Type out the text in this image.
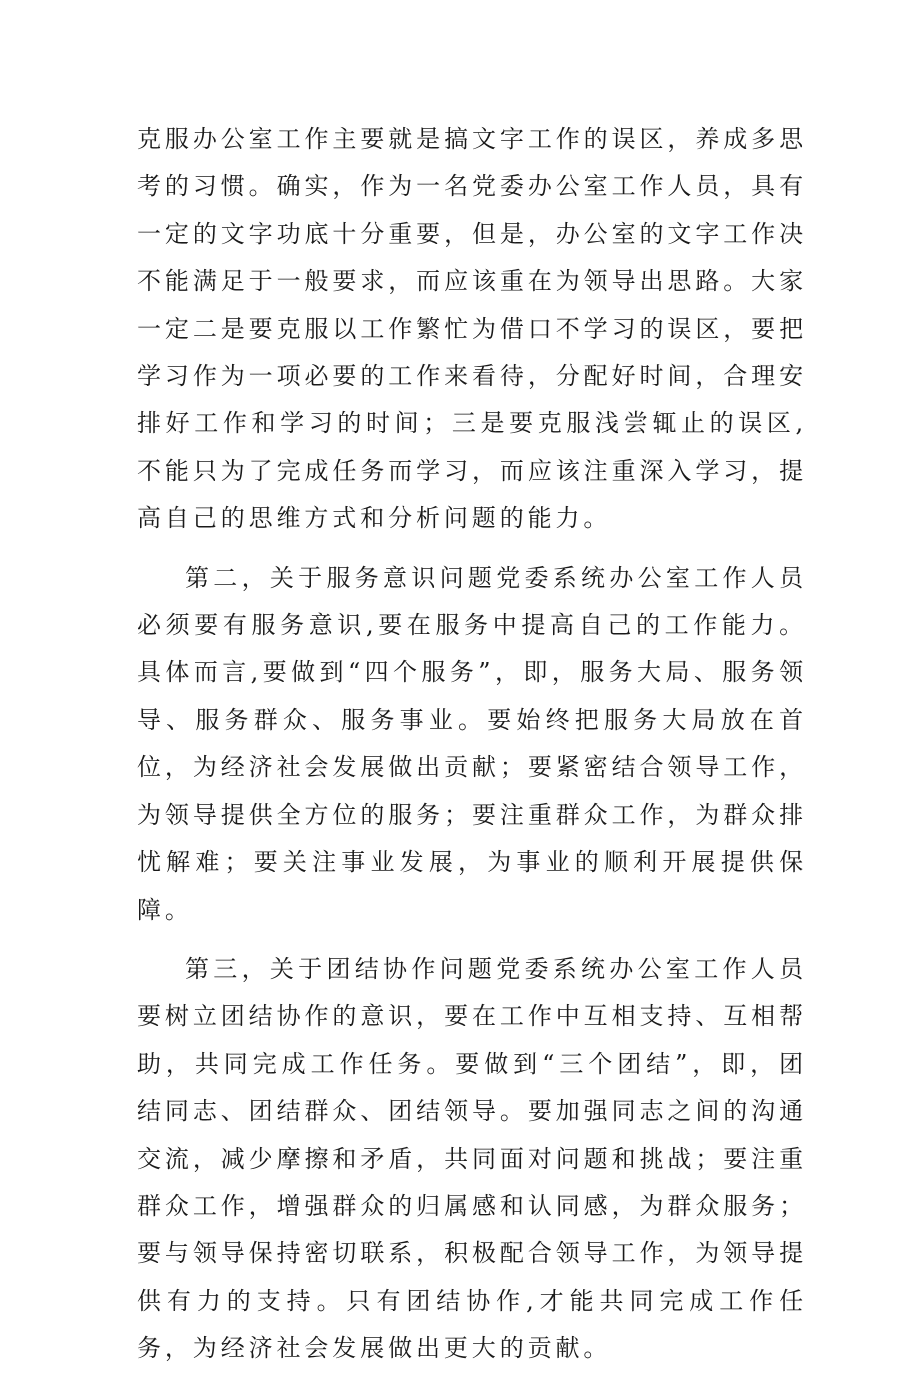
克服办公室工作主要就是搞文字工作的误区，养成多思考的习惯。确实，作为一名党委办公室工作人员，具有一定的文字功底十分重要，但是，办公室的文字工作决不能满足于一般要求，而应该重在为领导出思路。大家一定二是要克服以工作繁忙为借口不学习的误区，要把学习作为一项必要的工作来看待，分配好时间，合理安排好工作和学习的时间；三是要克服浅尝辄止的误区,不能只为了完成任务而学习，而应该注重深入学习，提高自己的思维方式和分析问题的能力。

第二，关于服务意识问题党委系统办公室工作人员必须要有服务意识,要在服务中提高自己的工作能力。具体而言,要做到“四个服务”，即，服务大局、服务领导、服务群众、服务事业。要始终把服务大局放在首位，为经济社会发展做出贡献；要紧密结合领导工作，为领导提供全方位的服务；要注重群众工作，为群众排忧解难；要关注事业发展，为事业的顺利开展提供保障。

第三，关于团结协作问题党委系统办公室工作人员要树立团结协作的意识，要在工作中互相支持、互相帮助，共同完成工作任务。要做到“三个团结”，即，团结同志、团结群众、团结领导。要加强同志之间的沟通交流，减少摩擦和矛盾，共同面对问题和挑战；要注重群众工作，增强群众的归属感和认同感，为群众服务；要与领导保持密切联系，积极配合领导工作，为领导提供有力的支持。只有团结协作,才能共同完成工作任务，为经济社会发展做出更大的贡献。
